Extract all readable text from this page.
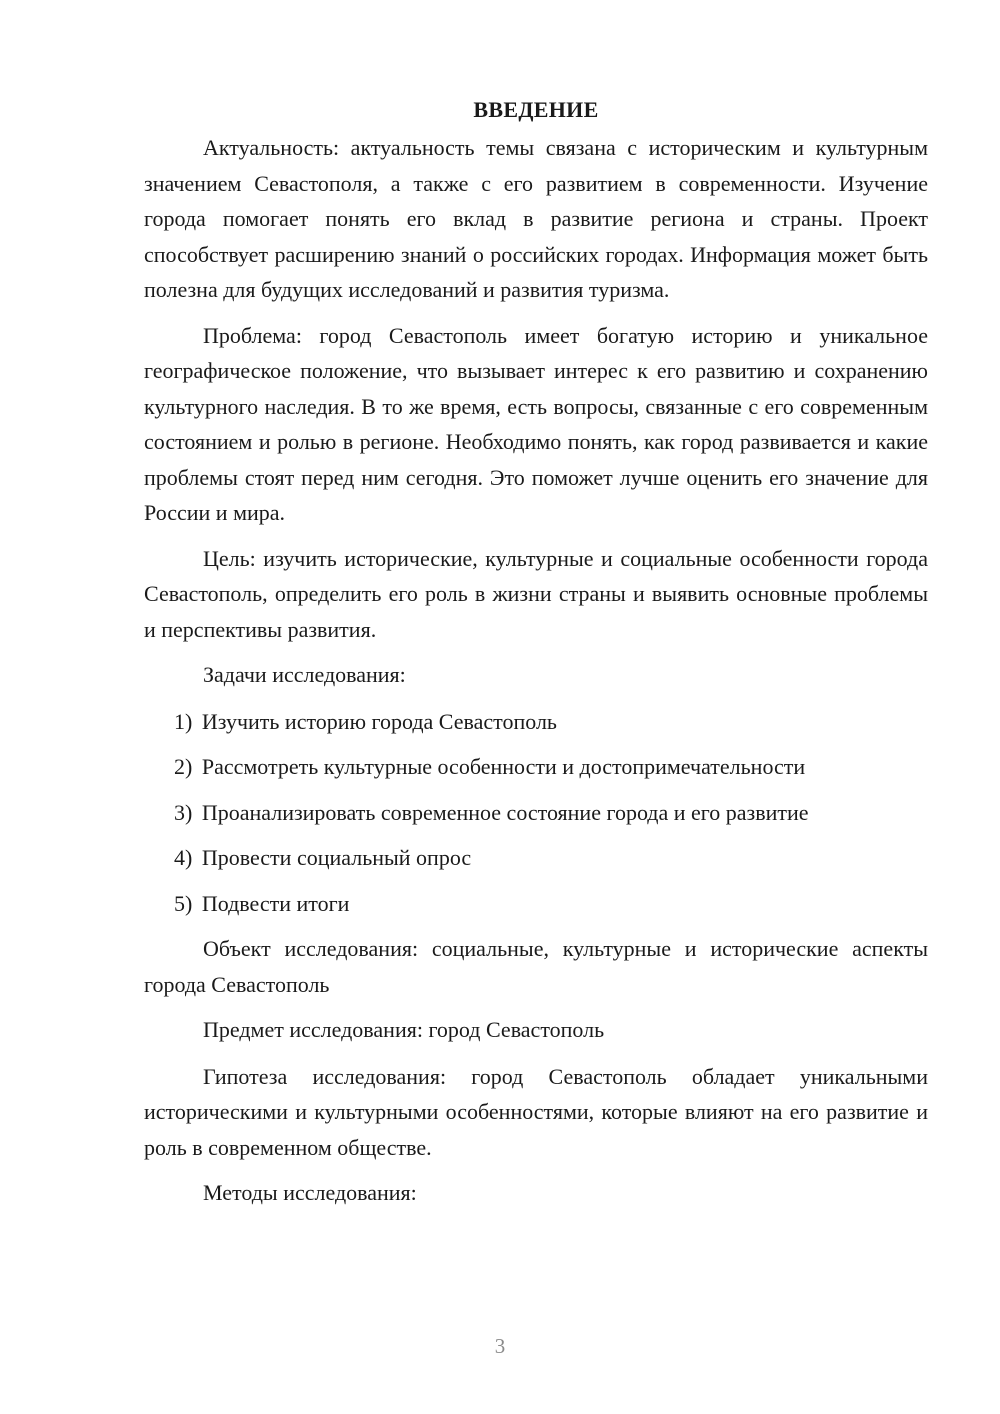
ВВЕДЕНИЕ

Актуальность: актуальность темы связана с историческим и культурным значением Севастополя, а также с его развитием в современности. Изучение города помогает понять его вклад в развитие региона и страны. Проект способствует расширению знаний о российских городах. Информация может быть полезна для будущих исследований и развития туризма.

Проблема: город Севастополь имеет богатую историю и уникальное географическое положение, что вызывает интерес к его развитию и сохранению культурного наследия. В то же время, есть вопросы, связанные с его современным состоянием и ролью в регионе. Необходимо понять, как город развивается и какие проблемы стоят перед ним сегодня. Это поможет лучше оценить его значение для России и мира.

Цель: изучить исторические, культурные и социальные особенности города Севастополь, определить его роль в жизни страны и выявить основные проблемы и перспективы развития.

Задачи исследования:

1) Изучить историю города Севастополь
2) Рассмотреть культурные особенности и достопримечательности
3) Проанализировать современное состояние города и его развитие
4) Провести социальный опрос
5) Подвести итоги

Объект исследования: социальные, культурные и исторические аспекты города Севастополь

Предмет исследования: город Севастополь

Гипотеза исследования: город Севастополь обладает уникальными историческими и культурными особенностями, которые влияют на его развитие и роль в современном обществе.

Методы исследования:

3
